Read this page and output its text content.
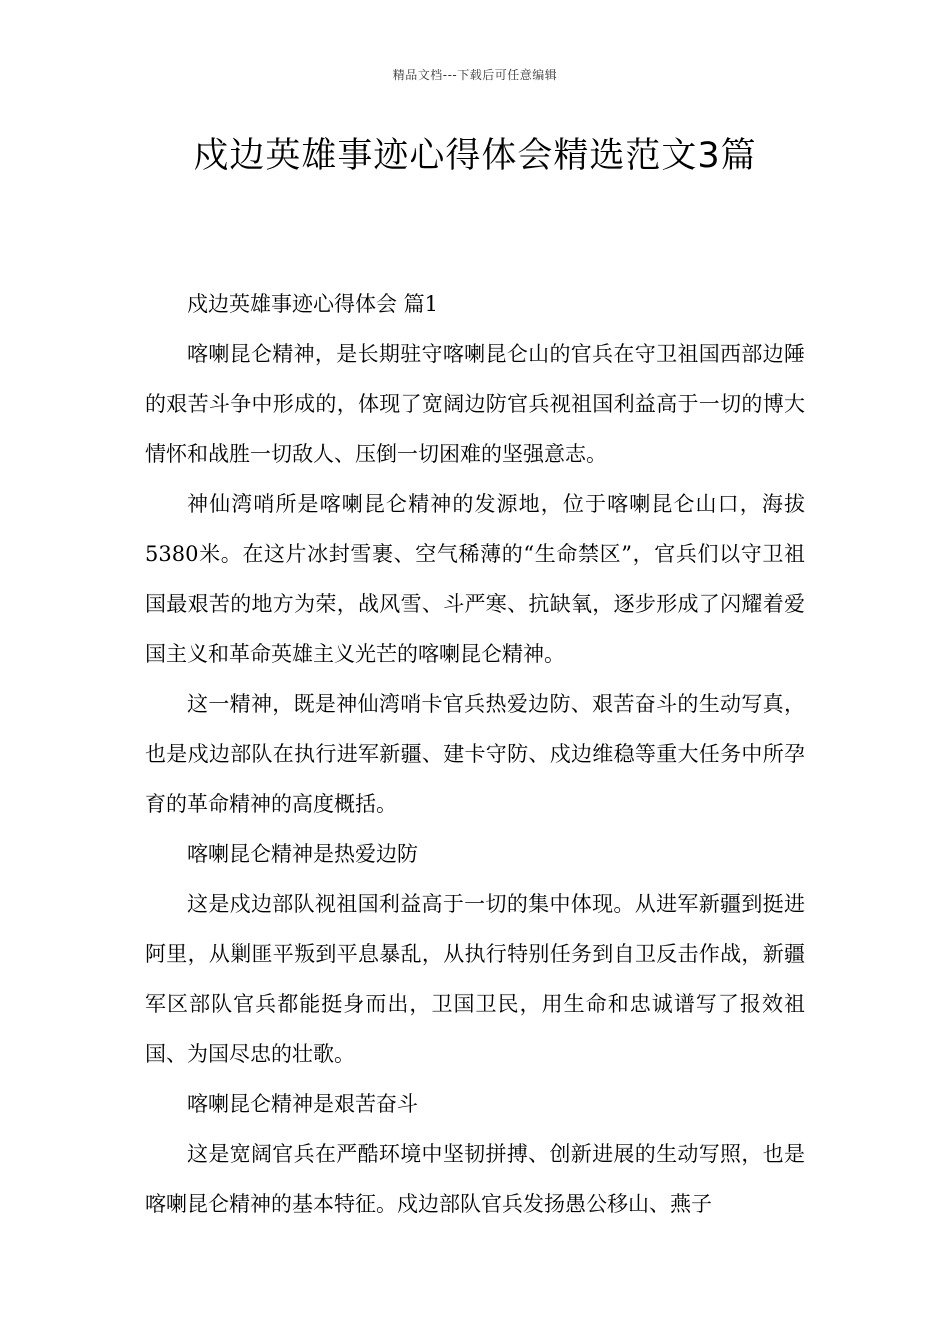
精品文档---下载后可任意编辑
戍边英雄事迹心得体会精选范文3篇

戍边英雄事迹心得体会 篇1

喀喇昆仑精神，是长期驻守喀喇昆仑山的官兵在守卫祖国西部边陲的艰苦斗争中形成的，体现了宽阔边防官兵视祖国利益高于一切的博大情怀和战胜一切敌人、压倒一切困难的坚强意志。

神仙湾哨所是喀喇昆仑精神的发源地，位于喀喇昆仑山口，海拔5380米。在这片冰封雪裹、空气稀薄的“生命禁区”，官兵们以守卫祖国最艰苦的地方为荣，战风雪、斗严寒、抗缺氧，逐步形成了闪耀着爱国主义和革命英雄主义光芒的喀喇昆仑精神。

这一精神，既是神仙湾哨卡官兵热爱边防、艰苦奋斗的生动写真，也是戍边部队在执行进军新疆、建卡守防、戍边维稳等重大任务中所孕育的革命精神的高度概括。

喀喇昆仑精神是热爱边防

这是戍边部队视祖国利益高于一切的集中体现。从进军新疆到挺进阿里，从剿匪平叛到平息暴乱，从执行特别任务到自卫反击作战，新疆军区部队官兵都能挺身而出，卫国卫民，用生命和忠诚谱写了报效祖国、为国尽忠的壮歌。

喀喇昆仑精神是艰苦奋斗

这是宽阔官兵在严酷环境中坚韧拼搏、创新进展的生动写照，也是喀喇昆仑精神的基本特征。戍边部队官兵发扬愚公移山、燕子
